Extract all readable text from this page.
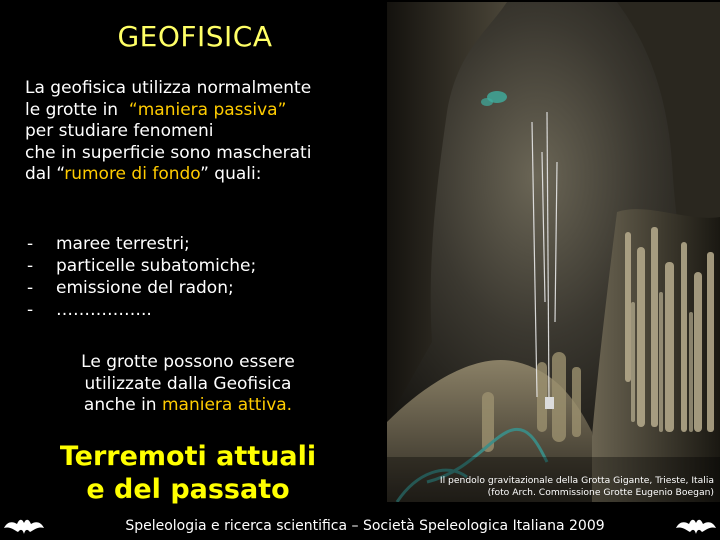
GEOFISICA
La geofisica utilizza normalmente
le grotte in  “maniera passiva”
per studiare fenomeni
che in superficie sono mascherati
dal “rumore di fondo” quali:
- maree terrestri;
- particelle subatomiche;
- emissione del radon;
- ……………..
Le grotte possono essere
utilizzate dalla Geofisica
anche in maniera attiva.
Terremoti attuali
e del passato	Il pendolo gravitazionale della Grotta Gigante, Trieste, Italia
(foto Arch. Commissione Grotte Eugenio Boegan)
Speleologia e ricerca scientifica – Società Speleologica Italiana 2009
